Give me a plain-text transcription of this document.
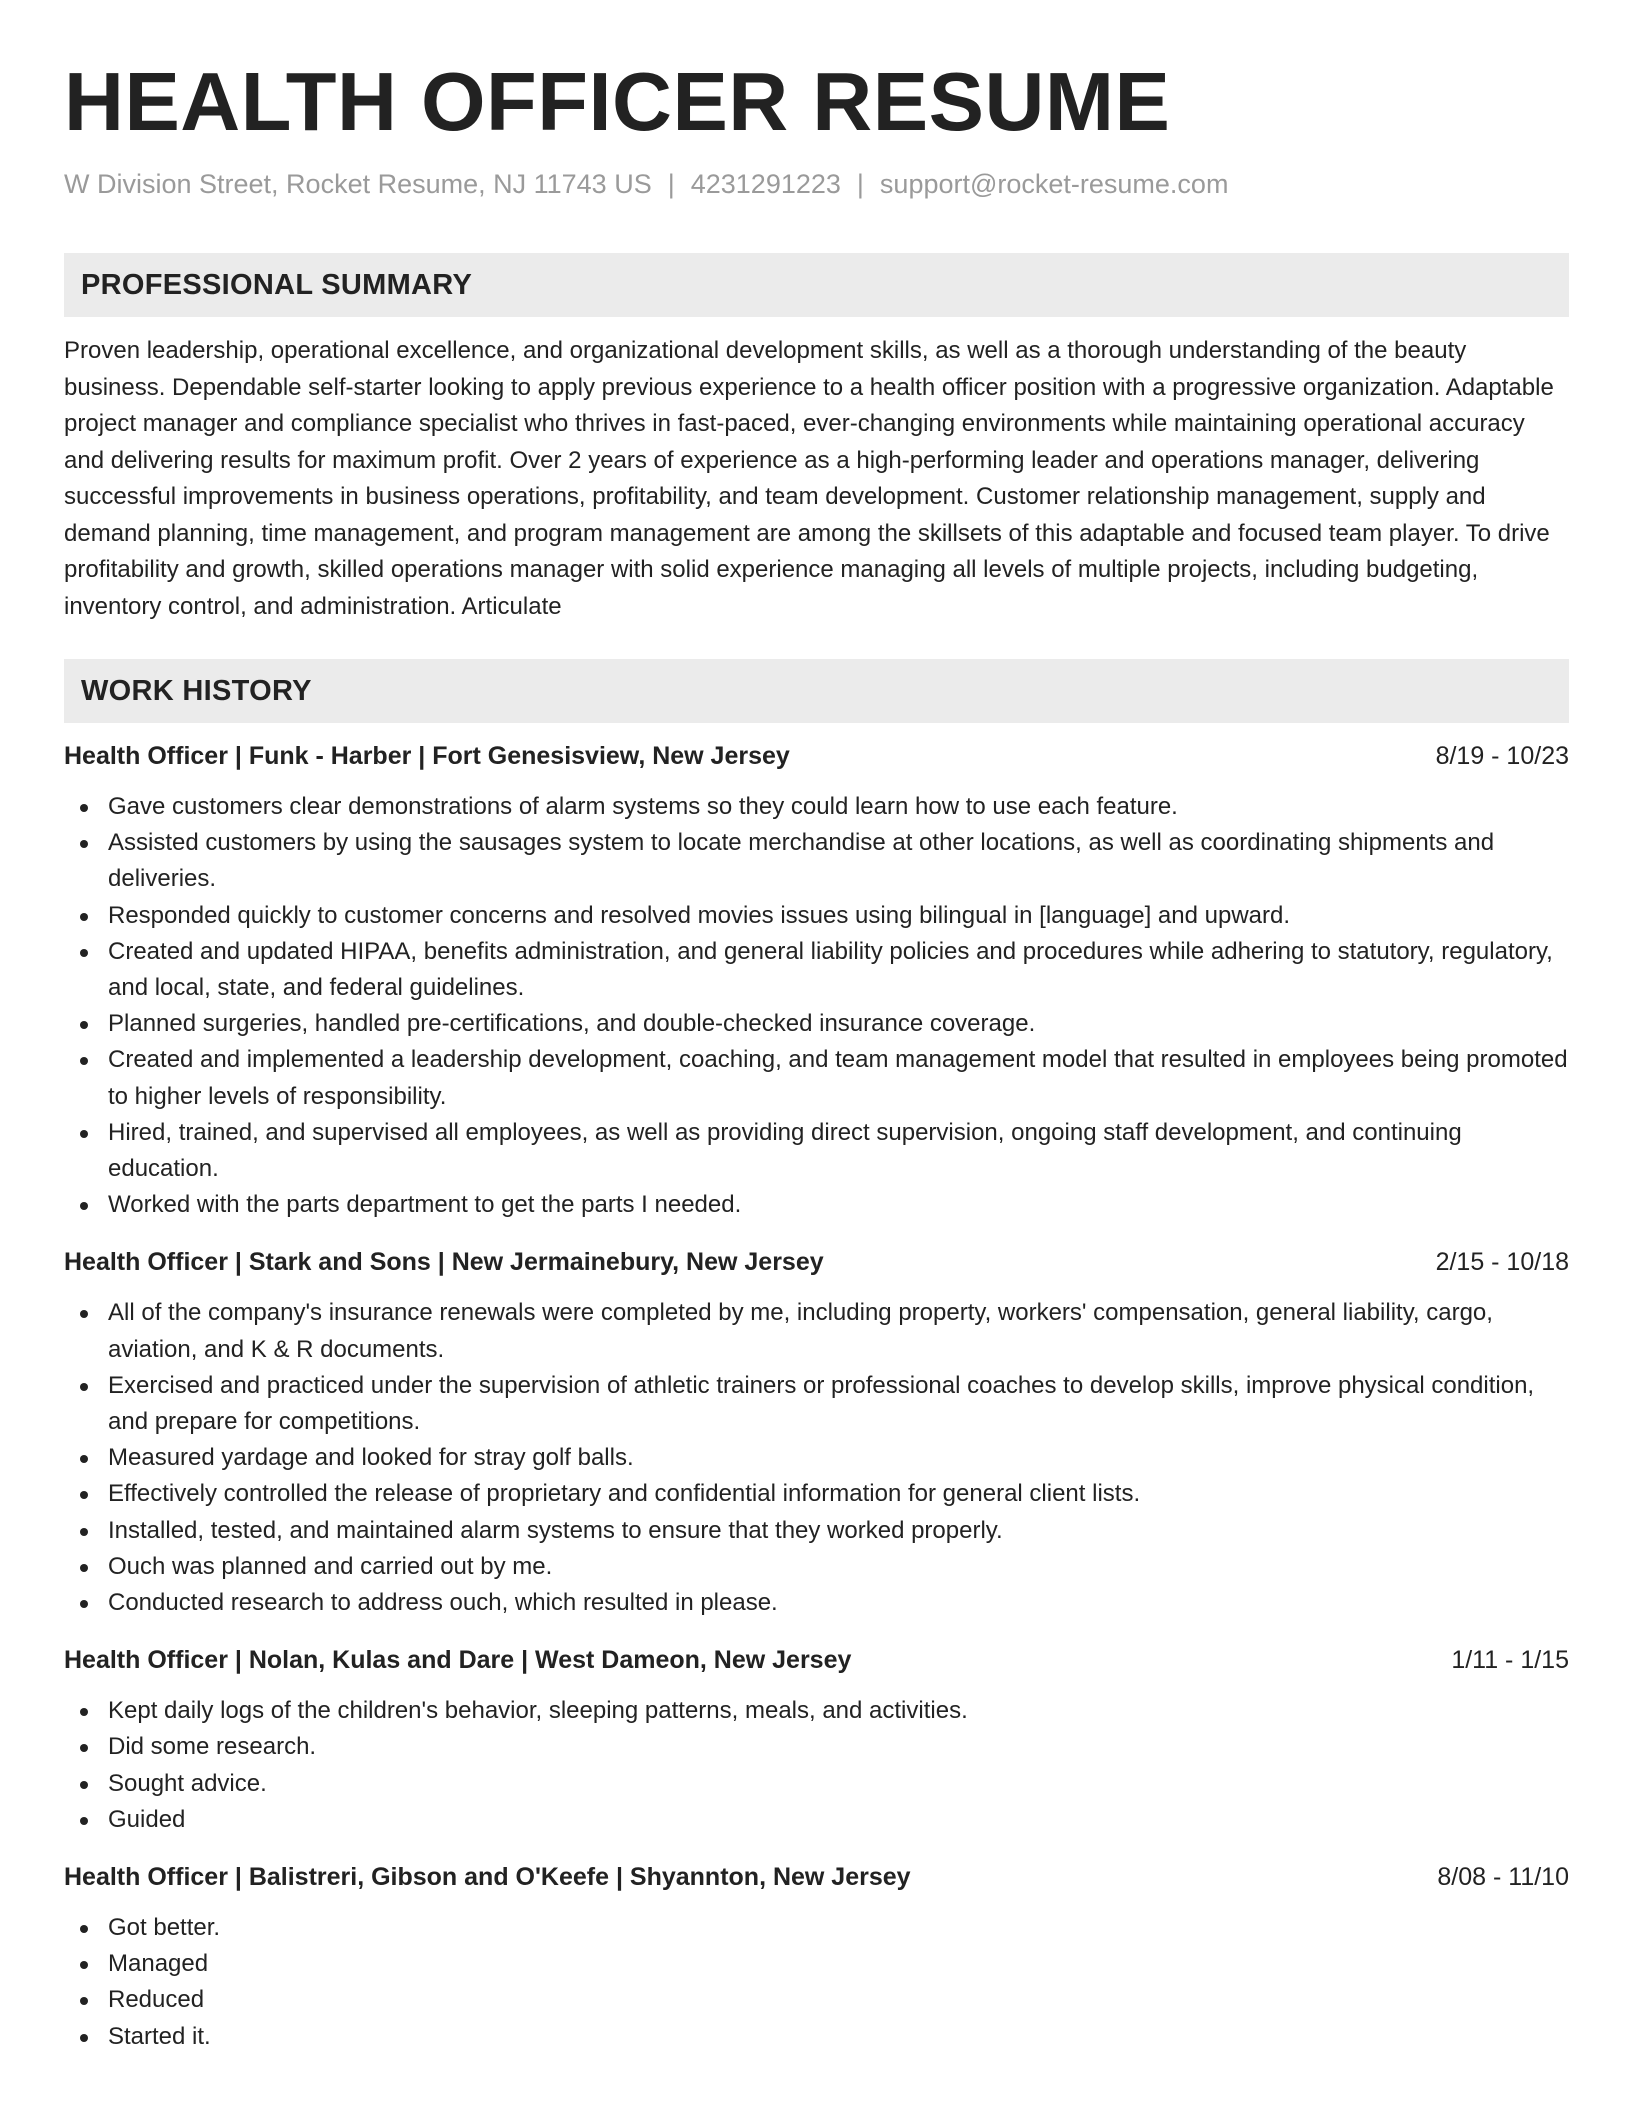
HEALTH OFFICER RESUME
W Division Street, Rocket Resume, NJ 11743 US | 4231291223 | support@rocket-resume.com
PROFESSIONAL SUMMARY

Proven leadership, operational excellence, and organizational development skills, as well as a thorough understanding of the beauty business. Dependable self-starter looking to apply previous experience to a health officer position with a progressive organization. Adaptable project manager and compliance specialist who thrives in fast-paced, ever-changing environments while maintaining operational accuracy and delivering results for maximum profit. Over 2 years of experience as a high-performing leader and operations manager, delivering successful improvements in business operations, profitability, and team development. Customer relationship management, supply and demand planning, time management, and program management are among the skillsets of this adaptable and focused team player. To drive profitability and growth, skilled operations manager with solid experience managing all levels of multiple projects, including budgeting, inventory control, and administration. Articulate

WORK HISTORY
Health Officer | Funk - Harber | Fort Genesisview, New Jersey	8/19 - 10/23
Gave customers clear demonstrations of alarm systems so they could learn how to use each feature.
Assisted customers by using the sausages system to locate merchandise at other locations, as well as coordinating shipments and deliveries.
Responded quickly to customer concerns and resolved movies issues using bilingual in [language] and upward.
Created and updated HIPAA, benefits administration, and general liability policies and procedures while adhering to statutory, regulatory, and local, state, and federal guidelines.
Planned surgeries, handled pre-certifications, and double-checked insurance coverage.
Created and implemented a leadership development, coaching, and team management model that resulted in employees being promoted to higher levels of responsibility.
Hired, trained, and supervised all employees, as well as providing direct supervision, ongoing staff development, and continuing education.
Worked with the parts department to get the parts I needed.
Health Officer | Stark and Sons | New Jermainebury, New Jersey	2/15 - 10/18
All of the company's insurance renewals were completed by me, including property, workers' compensation, general liability, cargo, aviation, and K & R documents.
Exercised and practiced under the supervision of athletic trainers or professional coaches to develop skills, improve physical condition, and prepare for competitions.
Measured yardage and looked for stray golf balls.
Effectively controlled the release of proprietary and confidential information for general client lists.
Installed, tested, and maintained alarm systems to ensure that they worked properly.
Ouch was planned and carried out by me.
Conducted research to address ouch, which resulted in please.
Health Officer | Nolan, Kulas and Dare | West Dameon, New Jersey	1/11 - 1/15
Kept daily logs of the children's behavior, sleeping patterns, meals, and activities.
Did some research.
Sought advice.
Guided
Health Officer | Balistreri, Gibson and O'Keefe | Shyannton, New Jersey	8/08 - 11/10
Got better.
Managed
Reduced
Started it.
